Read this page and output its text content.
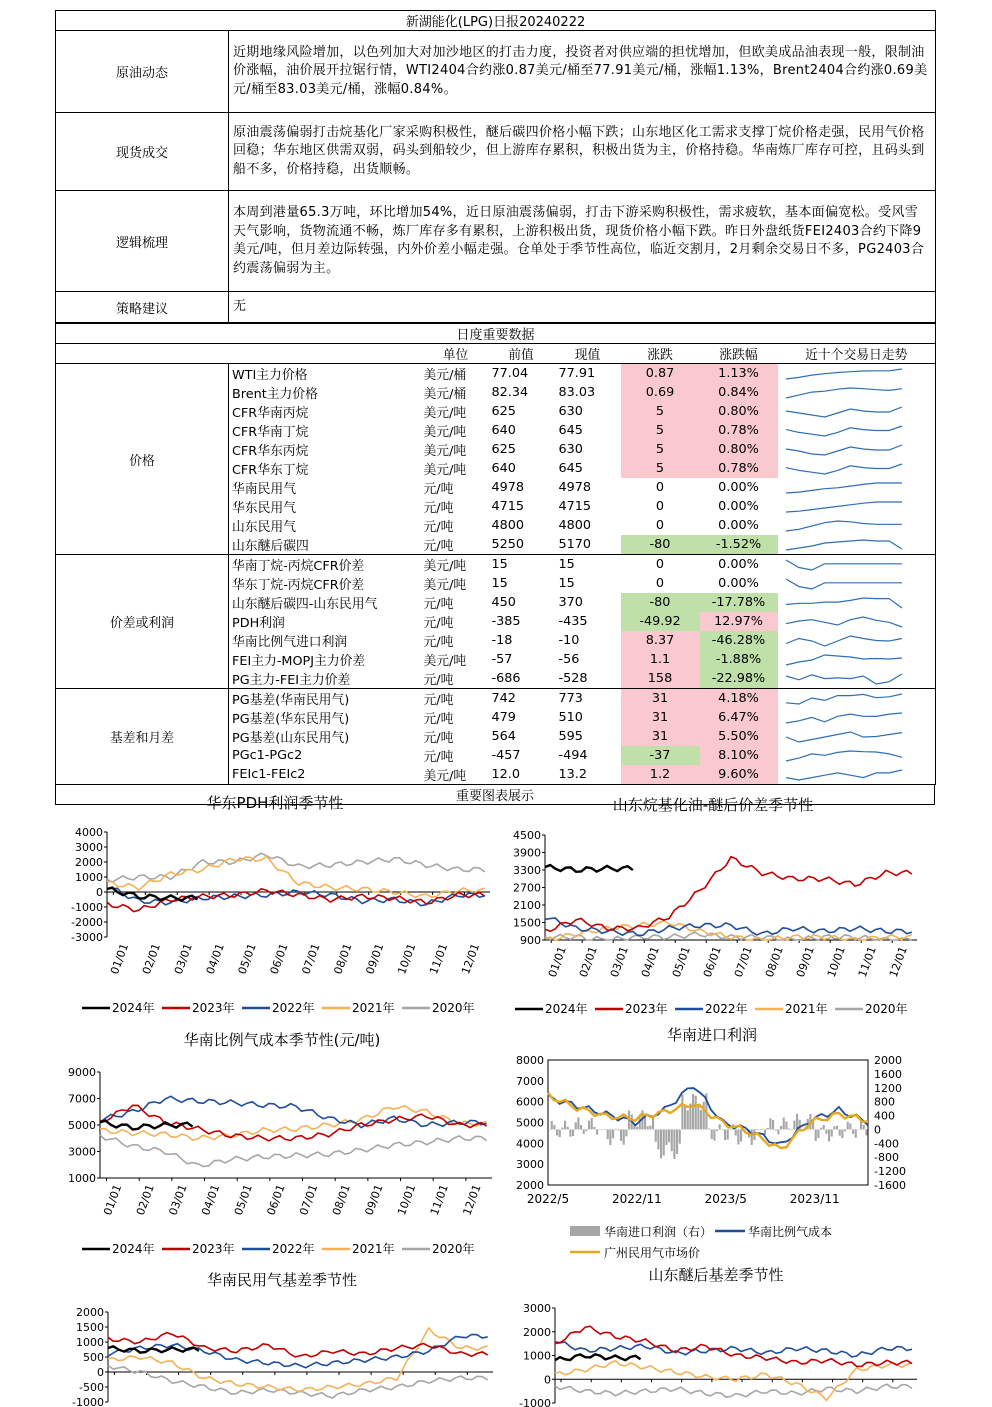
新湖能化(LPG)日报20240222	
原油动态	近期地缘风险增加，以色列加大对加沙地区的打击力度，投资者对供应端的担忧增加，但欧美成品油表现一般，限制油价涨幅，油价展开拉锯行情，WTI2404合约涨0.87美元/桶至77.91美元/桶，涨幅1.13%，Brent2404合约涨0.69美元/桶至83.03美元/桶，涨幅0.84%。
现货成交	原油震荡偏弱打击烷基化厂家采购积极性，醚后碳四价格小幅下跌；山东地区化工需求支撑丁烷价格走强，民用气价格回稳；华东地区供需双弱，码头到船较少，但上游库存累积，积极出货为主，价格持稳。华南炼厂库存可控，且码头到船不多，价格持稳，出货顺畅。
逻辑梳理	本周到港量65.3万吨，环比增加54%，近日原油震荡偏弱，打击下游采购积极性，需求疲软，基本面偏宽松。受风雪天气影响，货物流通不畅，炼厂库存多有累积，上游积极出货，现货价格小幅下跌。昨日外盘纸货FEI2403合约下降9美元/吨，但月差边际转强，内外价差小幅走强。仓单处于季节性高位，临近交割月，2月剩余交易日不多，PG2403合约震荡偏弱为主。
策略建议	无
日度重要数据							
		单位	前值	现值	涨跌	涨跌幅	近十个交易日走势
价格	WTI主力价格	美元/桶	77.04	77.91	0.87	1.13%	

	Brent主力价格	美元/桶	82.34	83.03	0.69	0.84%	

	CFR华南丙烷	美元/吨	625	630	5	0.80%	

	CFR华南丁烷	美元/吨	640	645	5	0.78%	

	CFR华东丙烷	美元/吨	625	630	5	0.80%	

	CFR华东丁烷	美元/吨	640	645	5	0.78%	

	华南民用气	元/吨	4978	4978	0	0.00%	

	华东民用气	元/吨	4715	4715	0	0.00%	

	山东民用气	元/吨	4800	4800	0	0.00%	

	山东醚后碳四	元/吨	5250	5170	-80	-1.52%	

价差或利润	华南丁烷-丙烷CFR价差	美元/吨	15	15	0	0.00%	

	华东丁烷-丙烷CFR价差	美元/吨	15	15	0	0.00%	

	山东醚后碳四-山东民用气	元/吨	450	370	-80	-17.78%	

	PDH利润	元/吨	-385	-435	-49.92	12.97%	

	华南比例气进口利润	元/吨	-18	-10	8.37	-46.28%	

	FEI主力-MOPJ主力价差	美元/吨	-57	-56	1.1	-1.88%	

	PG主力-FEI主力价差	元/吨	-686	-528	158	-22.98%	

基差和月差	PG基差(华南民用气)	元/吨	742	773	31	4.18%	

	PG基差(华东民用气)	元/吨	479	510	31	6.47%	

	PG基差(山东民用气)	元/吨	564	595	31	5.50%	

	PGc1-PGc2	元/吨	-457	-494	-37	8.10%	

	FEIc1-FEIc2	美元/吨	12.0	13.2	1.2	9.60%	
重要图表展示
华东PDH利润季节性
4000
3000
2000
1000
0
-1000
-2000
-3000
01/01 02/01 03/01 04/01 05/01 06/01 07/01 08/01 09/01 10/01 11/01 12/01
2024年	2023年	2022年	2021年	2020年
山东烷基化油-醚后价差季节性
4500
3900
3300
2700
2100
1500
900
01/01 02/01 03/01 04/01 05/01 06/01 07/01 08/01 09/01 10/01 11/01 12/01
2024年	2023年	2022年	2021年	2020年
华南比例气成本季节性(元/吨)
9000
7000
5000
3000
1000
01/01 02/01 03/01 04/01 05/01 06/01 07/01 08/01 09/01 10/01 11/01 12/01
2024年	2023年	2022年	2021年	2020年
华南民用气基差季节性
2000
1500
1000
500
0
-500
-1000
山东醚后基差季节性
3000
2000
1000
0
-1000
华南进口利润
8000
7000
6000
5000
4000
3000
2000
2000
1600
1200
800
400
0
-400
-800
-1200
-1600
2022/5	2022/11	2023/5	2023/11
华南进口利润（右）	华南比例气成本
广州民用气市场价
